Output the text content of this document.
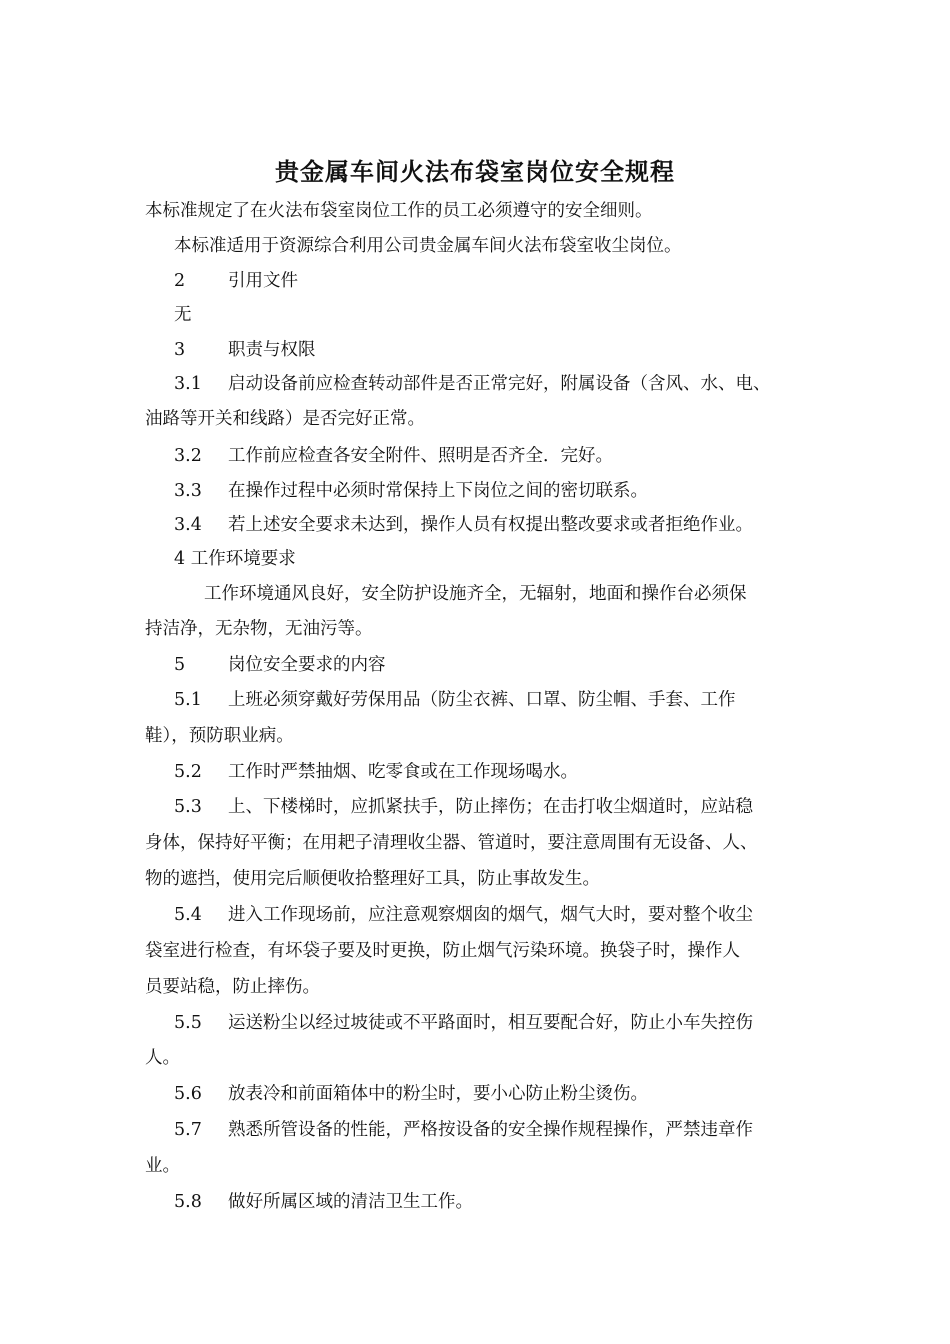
贵金属车间火法布袋室岗位安全规程

本标准规定了在火法布袋室岗位工作的员工必须遵守的安全细则。

本标准适用于资源综合利用公司贵金属车间火法布袋室收尘岗位。

2 引用文件

无

3 职责与权限

3.1 启动设备前应检查转动部件是否正常完好，附属设备（含风、水、电、

油路等开关和线路）是否完好正常。

3.2 工作前应检查各安全附件、照明是否齐全．完好。

3.3 在操作过程中必须时常保持上下岗位之间的密切联系。

3.4 若上述安全要求未达到，操作人员有权提出整改要求或者拒绝作业。

4 工作环境要求

工作环境通风良好，安全防护设施齐全，无辐射，地面和操作台必须保

持洁净，无杂物，无油污等。

5 岗位安全要求的内容

5.1 上班必须穿戴好劳保用品（防尘衣裤、口罩、防尘帽、手套、工作

鞋），预防职业病。

5.2 工作时严禁抽烟、吃零食或在工作现场喝水。

5.3 上、下楼梯时，应抓紧扶手，防止摔伤；在击打收尘烟道时，应站稳

身体，保持好平衡；在用耙子清理收尘器、管道时，要注意周围有无设备、人、

物的遮挡，使用完后顺便收拾整理好工具，防止事故发生。

5.4 进入工作现场前，应注意观察烟囱的烟气，烟气大时，要对整个收尘

袋室进行检查，有坏袋子要及时更换，防止烟气污染环境。换袋子时，操作人

员要站稳，防止摔伤。

5.5 运送粉尘以经过坡徒或不平路面时，相互要配合好，防止小车失控伤

人。

5.6 放表冷和前面箱体中的粉尘时，要小心防止粉尘烫伤。

5.7 熟悉所管设备的性能，严格按设备的安全操作规程操作，严禁违章作

业。

5.8 做好所属区域的清洁卫生工作。
